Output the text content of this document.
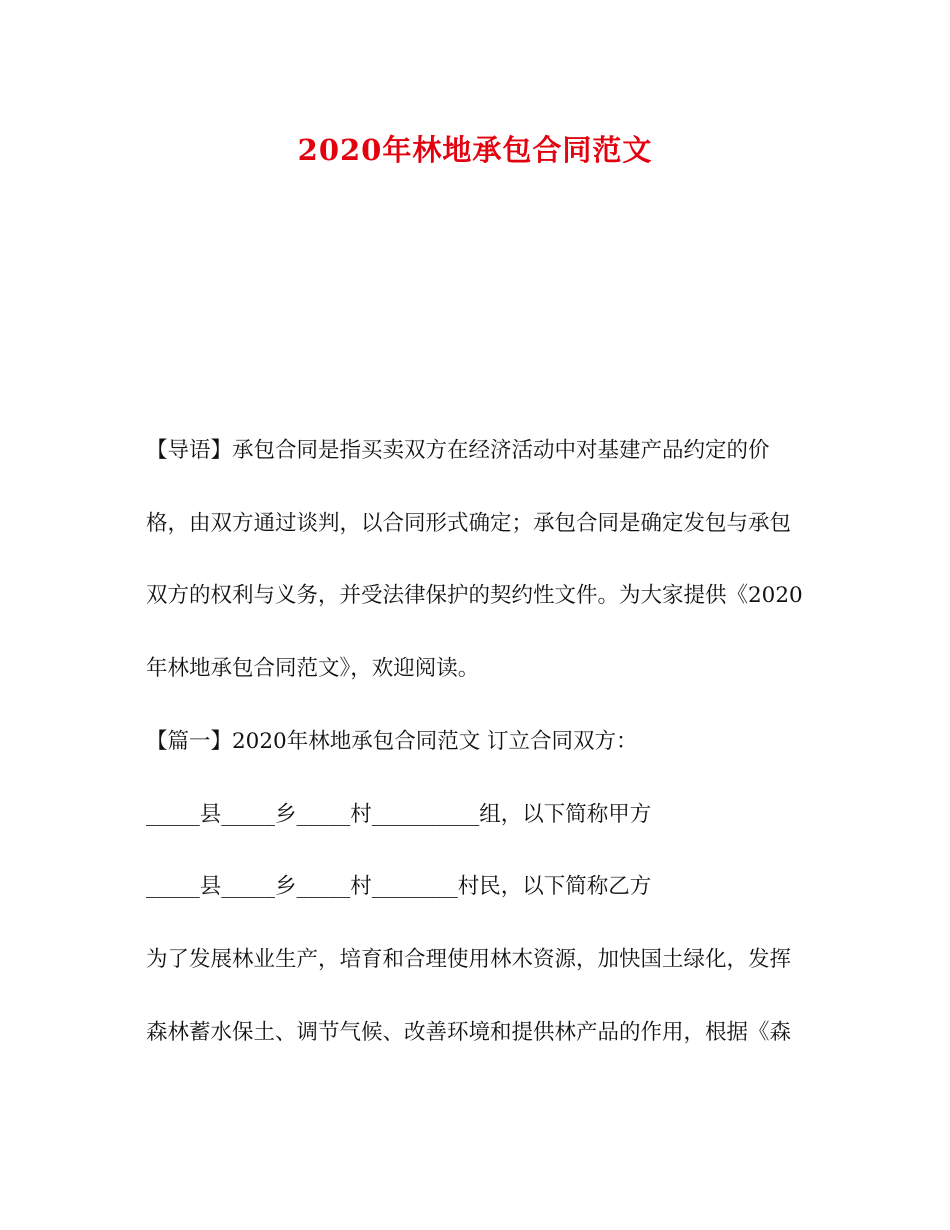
2020年林地承包合同范文
【导语】承包合同是指买卖双方在经济活动中对基建产品约定的价
格，由双方通过谈判，以合同形式确定；承包合同是确定发包与承包
双方的权利与义务，并受法律保护的契约性文件。为大家提供《2020
年林地承包合同范文》，欢迎阅读。
【篇一】2020年林地承包合同范文 订立合同双方：
_____县_____乡_____村__________组，以下简称甲方
_____县_____乡_____村________村民，以下简称乙方
为了发展林业生产，培育和合理使用林木资源，加快国土绿化，发挥
森林蓄水保土、调节气候、改善环境和提供林产品的作用，根据《森
